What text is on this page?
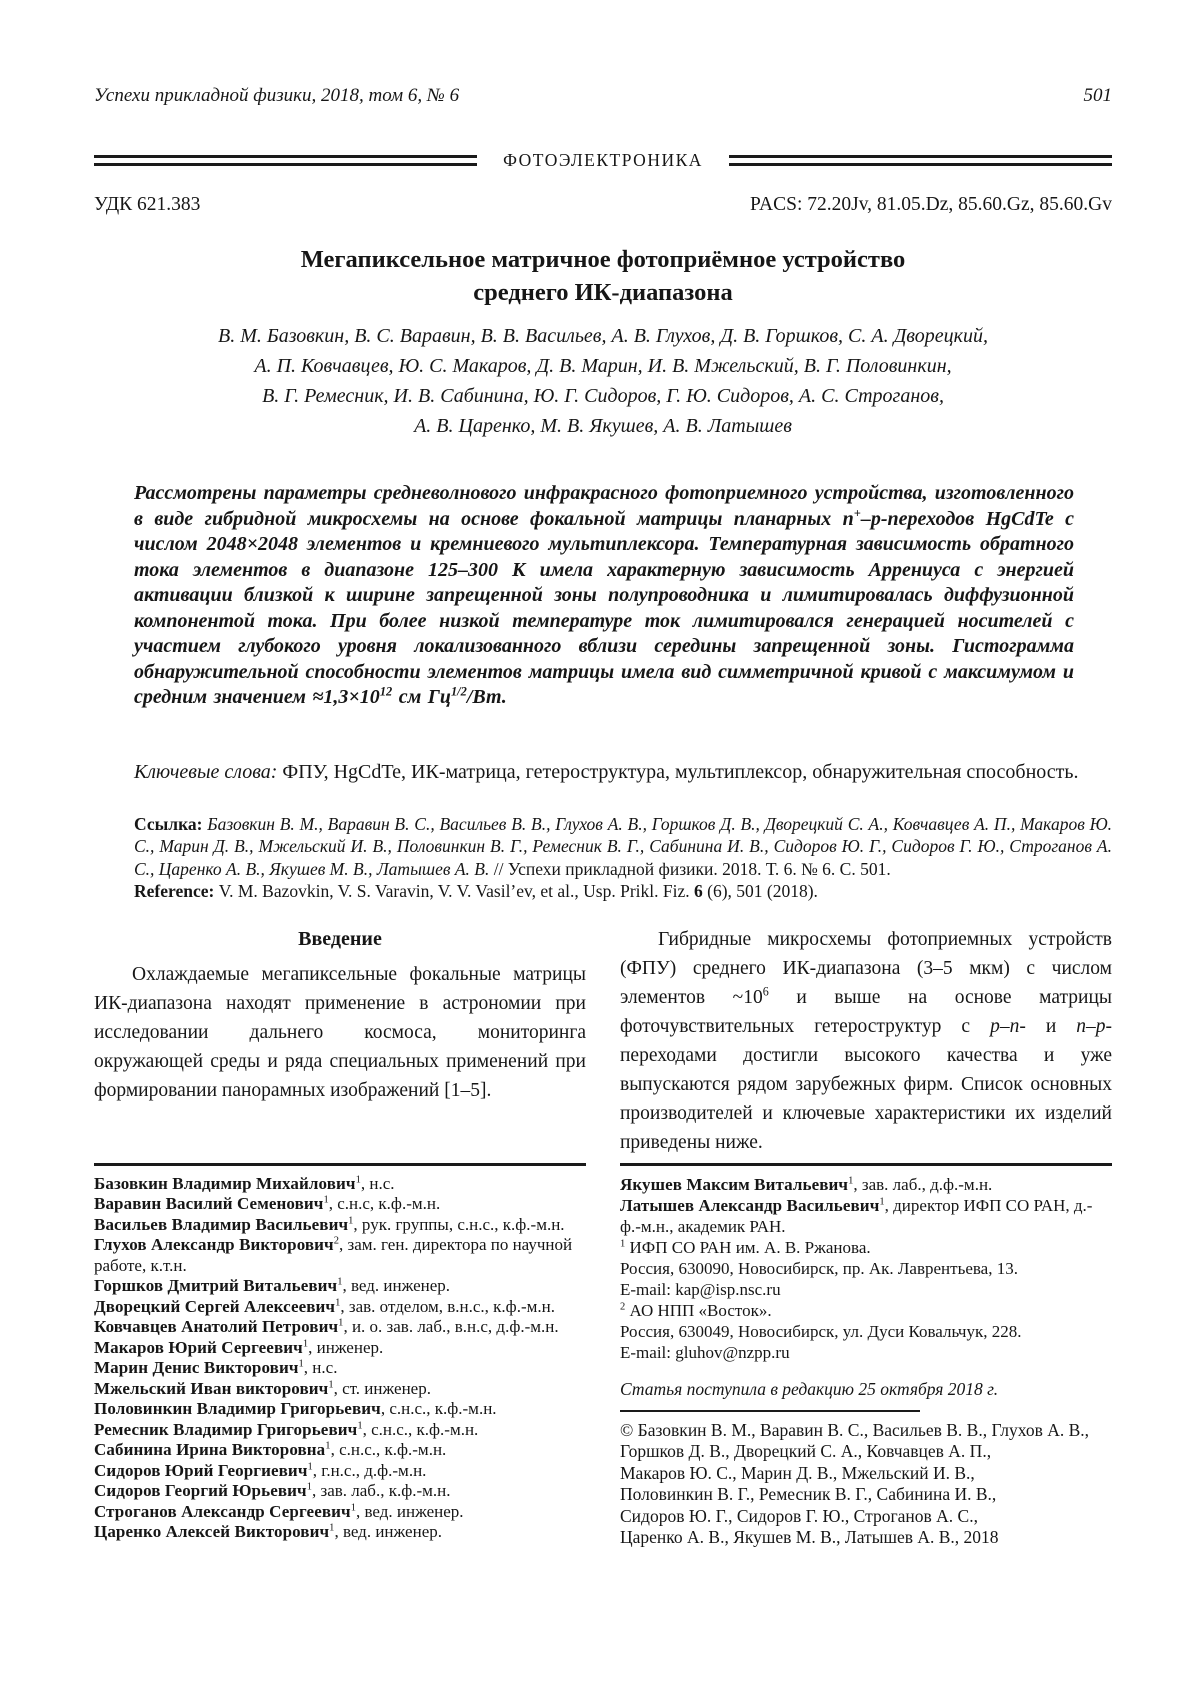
Успехи прикладной физики, 2018, том 6, № 6	501
ФОТОЭЛЕКТРОНИКА
УДК 621.383	PACS: 72.20Jv, 81.05.Dz, 85.60.Gz, 85.60.Gv
Мегапиксельное матричное фотоприёмное устройство
среднего ИК-диапазона
В. М. Базовкин, В. С. Варавин, В. В. Васильев, А. В. Глухов, Д. В. Горшков, С. А. Дворецкий,
А. П. Ковчавцев, Ю. С. Макаров, Д. В. Марин, И. В. Мжельский, В. Г. Половинкин,
В. Г. Ремесник, И. В. Сабинина, Ю. Г. Сидоров, Г. Ю. Сидоров, А. С. Строганов,
А. В. Царенко, М. В. Якушев, А. В. Латышев

Рассмотрены параметры средневолнового инфракрасного фотоприемного устройства, изготовленного в виде гибридной микросхемы на основе фокальной матрицы планарных n+–p-переходов HgCdTe с числом 2048×2048 элементов и кремниевого мультиплексора. Температурная зависимость обратного тока элементов в диапазоне 125–300 К имела характерную зависимость Аррениуса с энергией активации близкой к ширине запрещенной зоны полупроводника и лимитировалась диффузионной компонентой тока. При более низкой температуре ток лимитировался генерацией носителей с участием глубокого уровня локализованного вблизи середины запрещенной зоны. Гистограмма обнаружительной способности элементов матрицы имела вид симметричной кривой с максимумом и средним значением $\approx 1,3\times 10^{12}$ см $Гц^{1/2}/Вт$.

Ключевые слова: ФПУ, HgCdTe, ИК-матрица, гетероструктура, мультиплексор, обнаружительная способность.

Ссылка: Базовкин В. М., Варавин В. С., Васильев В. В., Глухов А. В., Горшков Д. В., Дворецкий С. А., Ковчавцев А. П., Макаров Ю. С., Марин Д. В., Мжельский И. В., Половинкин В. Г., Ремесник В. Г., Сабинина И. В., Сидоров Ю. Г., Сидоров Г. Ю., Строганов А. С., Царенко А. В., Якушев М. В., Латышев А. В. // Успехи прикладной физики. 2018. Т. 6. № 6. С. 501.

Reference: V. M. Bazovkin, V. S. Varavin, V. V. Vasil’ev, et al., Usp. Prikl. Fiz. 6 (6), 501 (2018).

Введение

Охлаждаемые мегапиксельные фокальные матрицы ИК-диапазона находят применение в астрономии при исследовании дальнего космоса, мониторинга окружающей среды и ряда специальных применений при формировании панорамных изображений [1–5].

Базовкин Владимир Михайлович$^1$, н.с.
Варавин Василий Семенович$^1$, с.н.с, к.ф.-м.н.
Васильев Владимир Васильевич$^1$, рук. группы, с.н.с., к.ф.-м.н.
Глухов Александр Викторович$^2$, зам. ген. директора по научной работе, к.т.н.
Горшков Дмитрий Витальевич$^1$, вед. инженер.
Дворецкий Сергей Алексеевич$^1$, зав. отделом, в.н.с., к.ф.-м.н.
Ковчавцев Анатолий Петрович$^1$, и. о. зав. лаб., в.н.с, д.ф.-м.н.
Макаров Юрий Сергеевич$^1$, инженер.
Марин Денис Викторович$^1$, н.с.
Мжельский Иван викторович$^1$, ст. инженер.
Половинкин Владимир Григорьевич, с.н.с., к.ф.-м.н.
Ремесник Владимир Григорьевич$^1$, с.н.с., к.ф.-м.н.
Сабинина Ирина Викторовна$^1$, с.н.с., к.ф.-м.н.
Сидоров Юрий Георгиевич$^1$, г.н.с., д.ф.-м.н.
Сидоров Георгий Юрьевич$^1$, зав. лаб., к.ф.-м.н.
Строганов Александр Сергеевич$^1$, вед. инженер.
Царенко Алексей Викторович$^1$, вед. инженер.

Гибридные микросхемы фотоприемных устройств (ФПУ) среднего ИК-диапазона (3–5 мкм) с числом элементов $\sim 10^6$ и выше на основе матрицы фоточувствительных гетероструктур с p–n- и n–p-переходами достигли высокого качества и уже выпускаются рядом зарубежных фирм. Список основных производителей и ключевые характеристики их изделий приведены ниже.

Якушев Максим Витальевич$^1$, зав. лаб., д.ф.-м.н.
Латышев Александр Васильевич$^1$, директор ИФП СО РАН, д.-ф.-м.н., академик РАН.
$^1$ ИФП СО РАН им. А. В. Ржанова.
Россия, 630090, Новосибирск, пр. Ак. Лаврентьева, 13.
E-mail: kap@isp.nsc.ru
$^2$ АО НПП «Восток».
Россия, 630049, Новосибирск, ул. Дуси Ковальчук, 228.
E-mail: gluhov@nzpp.ru
Статья поступила в редакцию 25 октября 2018 г.
© Базовкин В. М., Варавин В. С., Васильев В. В., Глухов А. В.,
Горшков Д. В., Дворецкий С. А., Ковчавцев А. П.,
Макаров Ю. С., Марин Д. В., Мжельский И. В.,
Половинкин В. Г., Ремесник В. Г., Сабинина И. В.,
Сидоров Ю. Г., Сидоров Г. Ю., Строганов А. С.,
Царенко А. В., Якушев М. В., Латышев А. В., 2018
